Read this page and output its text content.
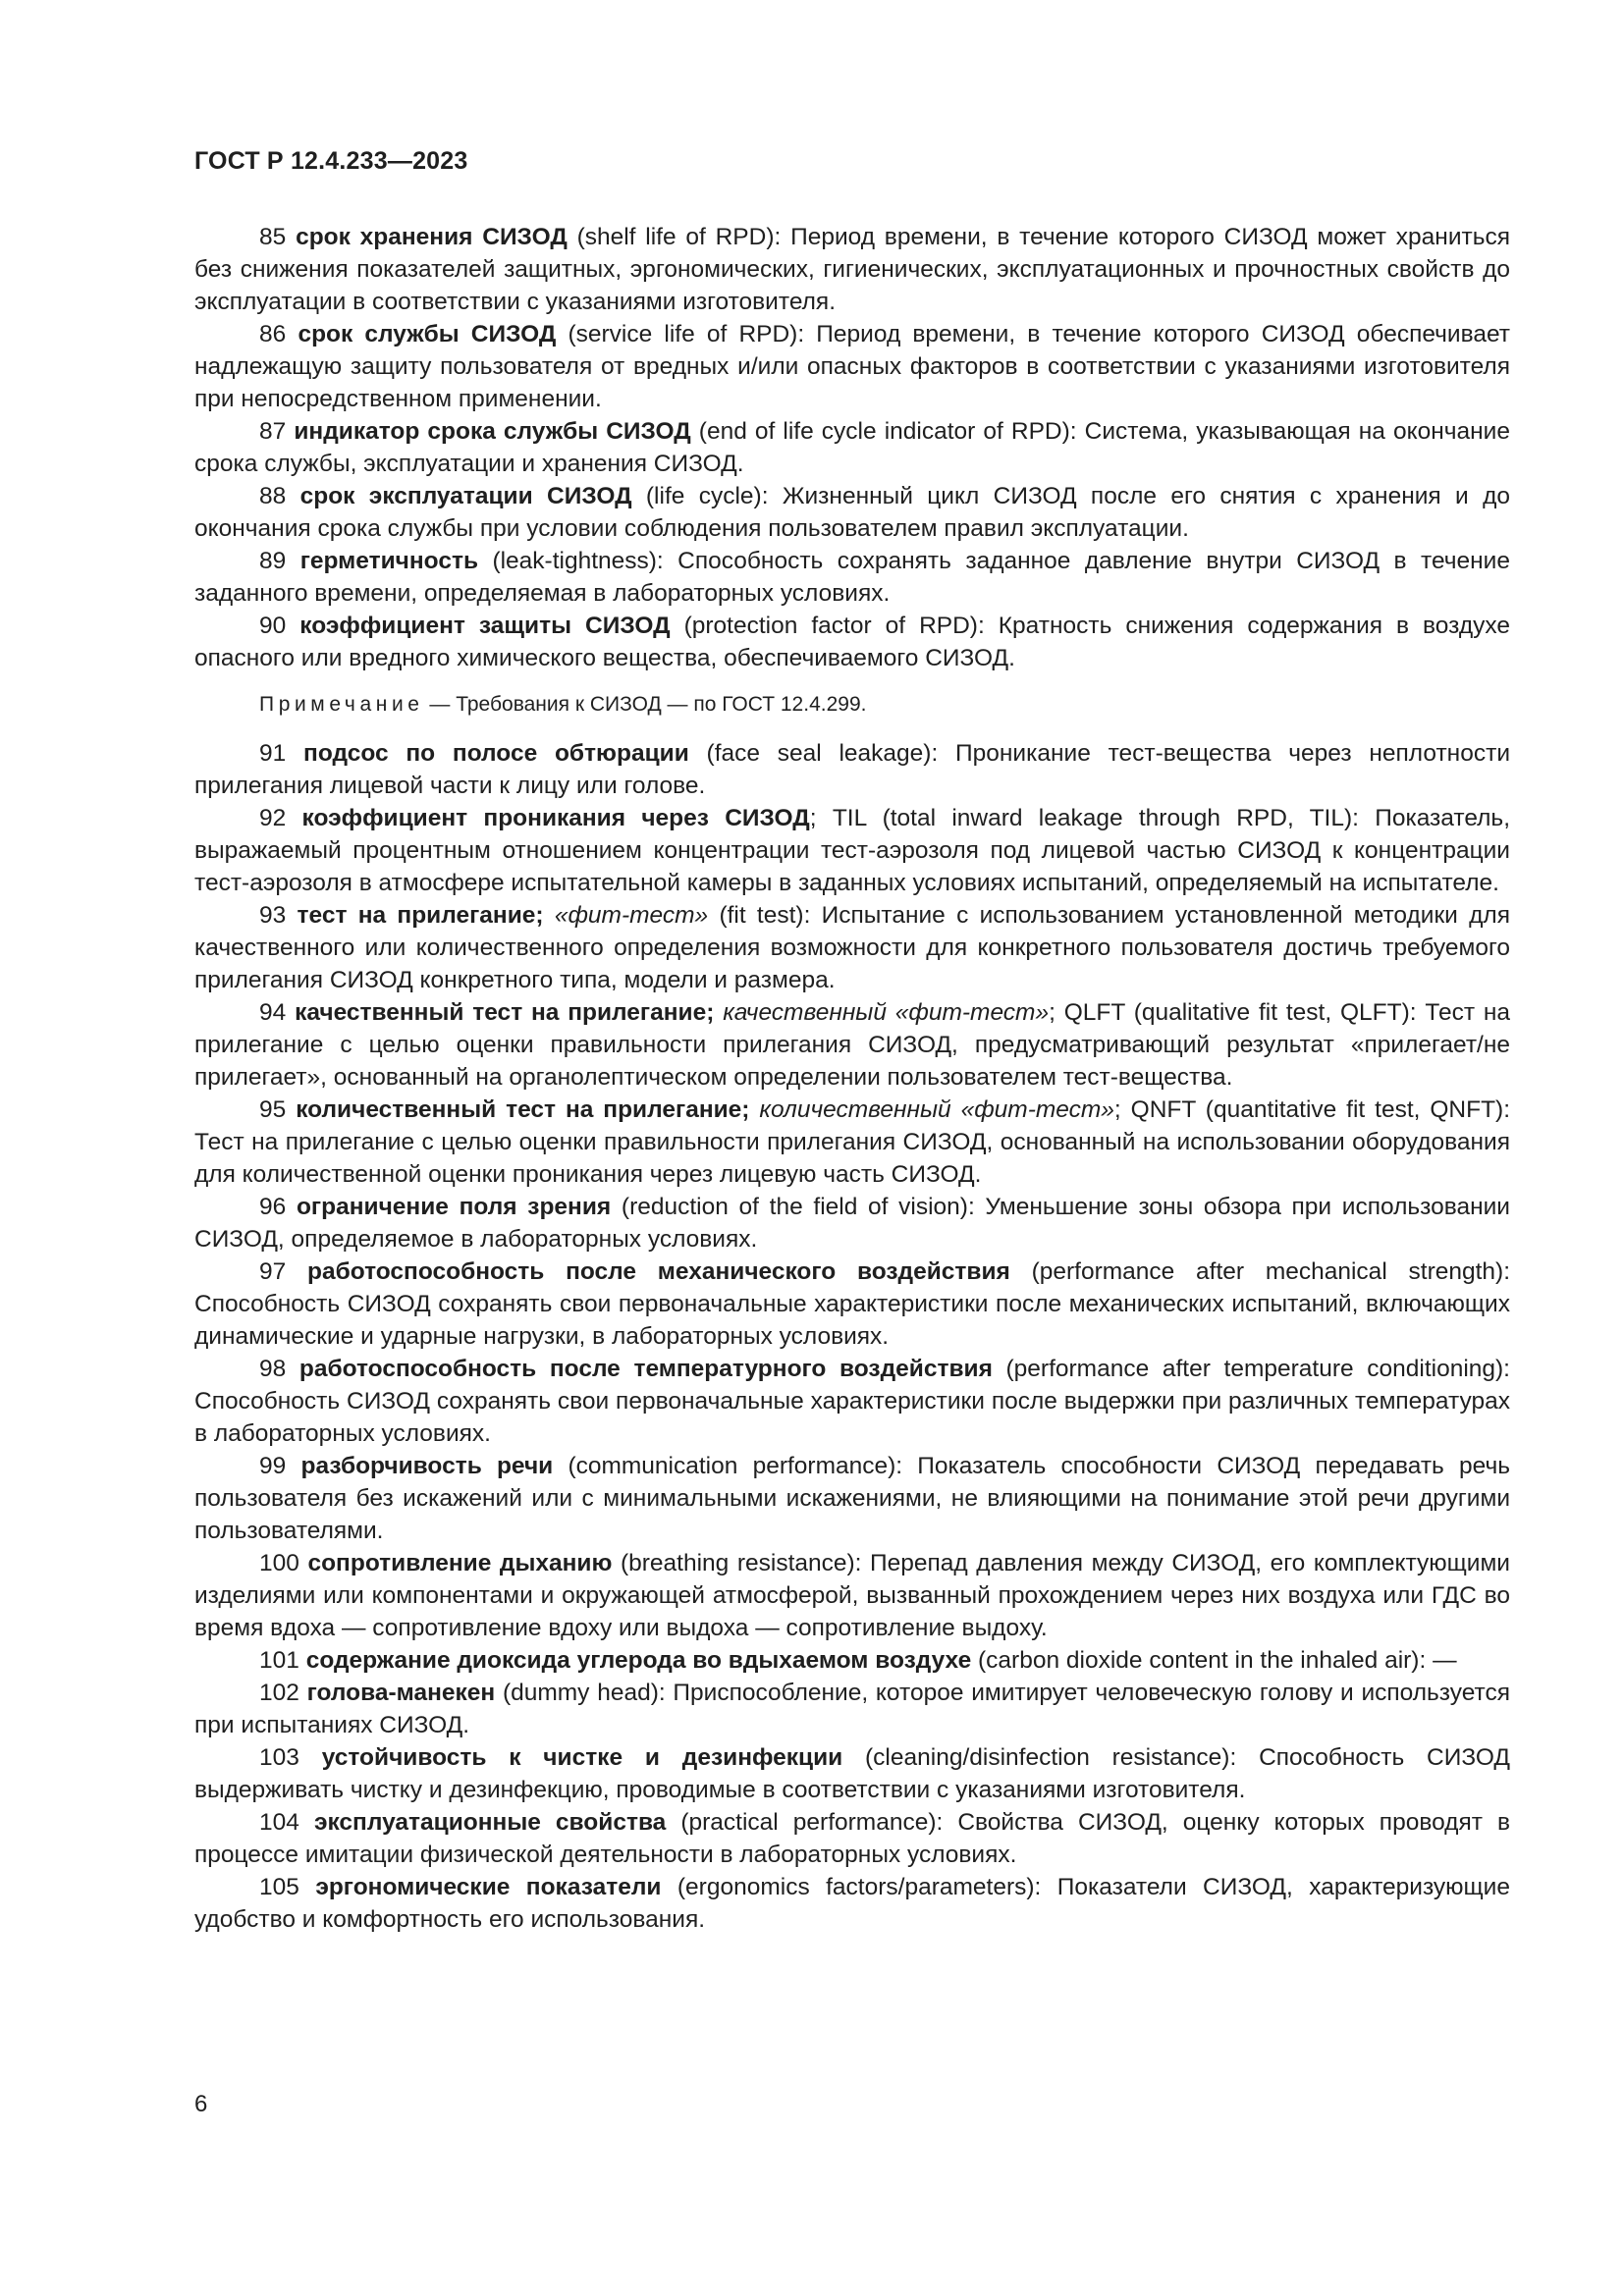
ГОСТ Р 12.4.233—2023

85 срок хранения СИЗОД (shelf life of RPD): Период времени, в течение которого СИЗОД может храниться без снижения показателей защитных, эргономических, гигиенических, эксплуатационных и прочностных свойств до эксплуатации в соответствии с указаниями изготовителя.

86 срок службы СИЗОД (service life of RPD): Период времени, в течение которого СИЗОД обеспечивает надлежащую защиту пользователя от вредных и/или опасных факторов в соответствии с указаниями изготовителя при непосредственном применении.

87 индикатор срока службы СИЗОД (end of life cycle indicator of RPD): Система, указывающая на окончание срока службы, эксплуатации и хранения СИЗОД.

88 срок эксплуатации СИЗОД (life cycle): Жизненный цикл СИЗОД после его снятия с хранения и до окончания срока службы при условии соблюдения пользователем правил эксплуатации.

89 герметичность (leak-tightness): Способность сохранять заданное давление внутри СИЗОД в течение заданного времени, определяемая в лабораторных условиях.

90 коэффициент защиты СИЗОД (protection factor of RPD): Кратность снижения содержания в воздухе опасного или вредного химического вещества, обеспечиваемого СИЗОД.

Примечание — Требования к СИЗОД — по ГОСТ 12.4.299.

91 подсос по полосе обтюрации (face seal leakage): Проникание тест-вещества через неплотности прилегания лицевой части к лицу или голове.

92 коэффициент проникания через СИЗОД; TIL (total inward leakage through RPD, TIL): Показатель, выражаемый процентным отношением концентрации тест-аэрозоля под лицевой частью СИЗОД к концентрации тест-аэрозоля в атмосфере испытательной камеры в заданных условиях испытаний, определяемый на испытателе.

93 тест на прилегание; «фит-тест» (fit test): Испытание с использованием установленной методики для качественного или количественного определения возможности для конкретного пользователя достичь требуемого прилегания СИЗОД конкретного типа, модели и размера.

94 качественный тест на прилегание; качественный «фит-тест»; QLFT (qualitative fit test, QLFT): Тест на прилегание с целью оценки правильности прилегания СИЗОД, предусматривающий результат «прилегает/не прилегает», основанный на органолептическом определении пользователем тест-вещества.

95 количественный тест на прилегание; количественный «фит-тест»; QNFT (quantitative fit test, QNFT): Тест на прилегание с целью оценки правильности прилегания СИЗОД, основанный на использовании оборудования для количественной оценки проникания через лицевую часть СИЗОД.

96 ограничение поля зрения (reduction of the field of vision): Уменьшение зоны обзора при использовании СИЗОД, определяемое в лабораторных условиях.

97 работоспособность после механического воздействия (performance after mechanical strength): Способность СИЗОД сохранять свои первоначальные характеристики после механических испытаний, включающих динамические и ударные нагрузки, в лабораторных условиях.

98 работоспособность после температурного воздействия (performance after temperature conditioning): Способность СИЗОД сохранять свои первоначальные характеристики после выдержки при различных температурах в лабораторных условиях.

99 разборчивость речи (communication performance): Показатель способности СИЗОД передавать речь пользователя без искажений или с минимальными искажениями, не влияющими на понимание этой речи другими пользователями.

100 сопротивление дыханию (breathing resistance): Перепад давления между СИЗОД, его комплектующими изделиями или компонентами и окружающей атмосферой, вызванный прохождением через них воздуха или ГДС во время вдоха — сопротивление вдоху или выдоха — сопротивление выдоху.

101 содержание диоксида углерода во вдыхаемом воздухе (carbon dioxide content in the inhaled air): —

102 голова-манекен (dummy head): Приспособление, которое имитирует человеческую голову и используется при испытаниях СИЗОД.

103 устойчивость к чистке и дезинфекции (cleaning/disinfection resistance): Способность СИЗОД выдерживать чистку и дезинфекцию, проводимые в соответствии с указаниями изготовителя.

104 эксплуатационные свойства (practical performance): Свойства СИЗОД, оценку которых проводят в процессе имитации физической деятельности в лабораторных условиях.

105 эргономические показатели (ergonomics factors/parameters): Показатели СИЗОД, характеризующие удобство и комфортность его использования.

6
